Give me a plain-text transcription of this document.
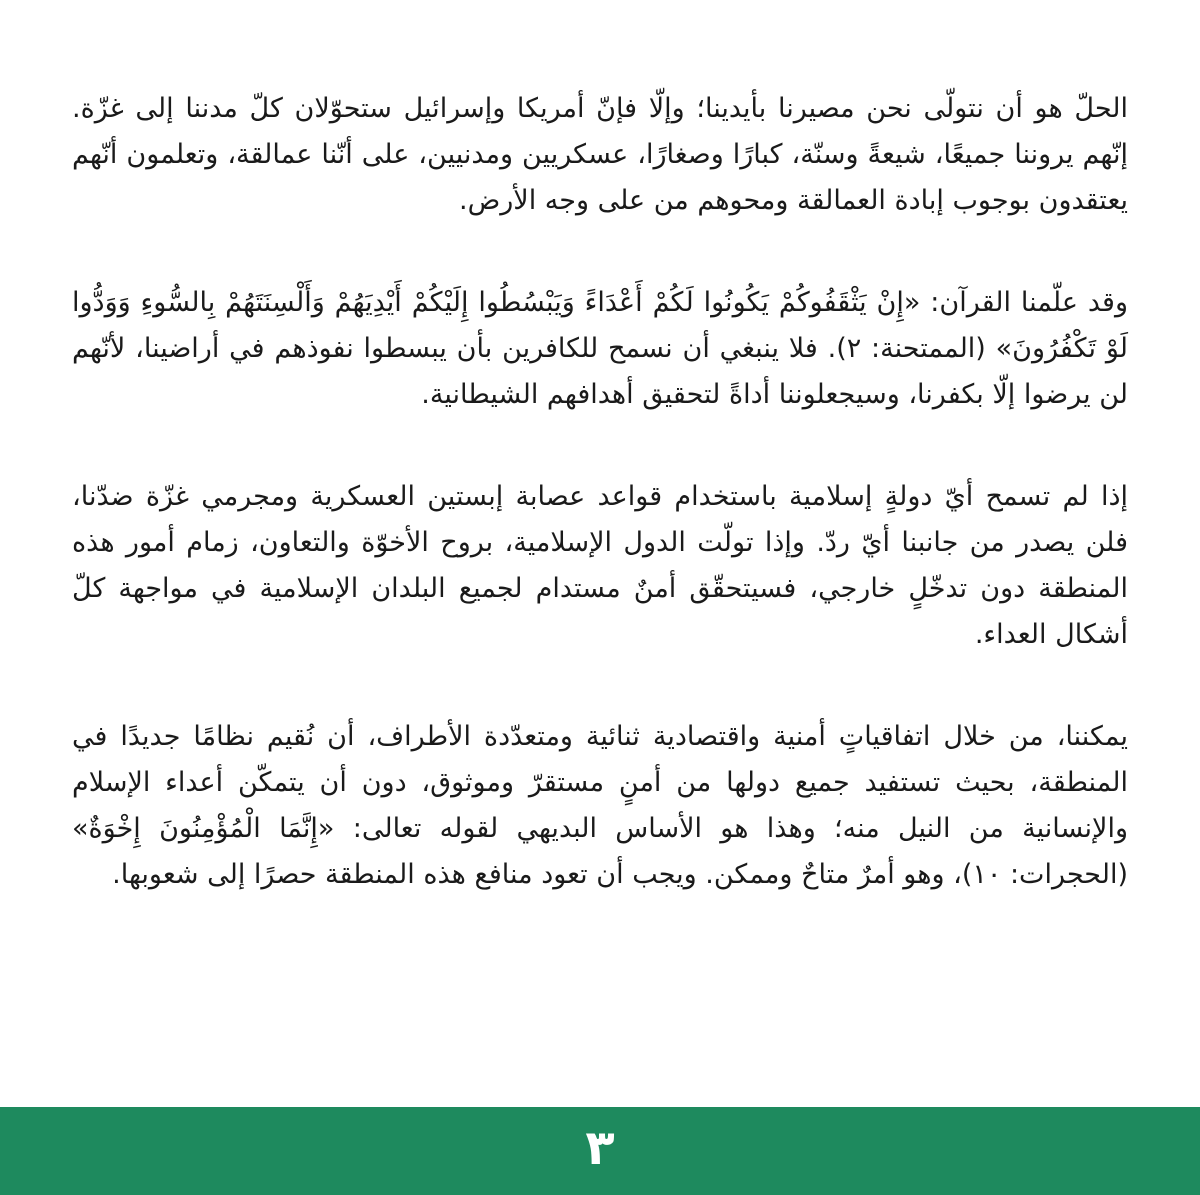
الحلّ هو أن نتولّى نحن مصيرنا بأيدينا؛ وإلّا فإنّ أمريكا وإسرائيل ستحوّلان كلّ مدننا إلى غزّة. إنّهم يروننا جميعًا، شيعةً وسنّة، كبارًا وصغارًا، عسكريين ومدنيين، على أنّنا عمالقة، وتعلمون أنّهم يعتقدون بوجوب إبادة العمالقة ومحوهم من على وجه الأرض.

وقد علّمنا القرآن: «إِنْ يَثْقَفُوكُمْ يَكُونُوا لَكُمْ أَعْدَاءً وَيَبْسُطُوا إِلَيْكُمْ أَيْدِيَهُمْ وَأَلْسِنَتَهُمْ بِالسُّوءِ وَوَدُّوا لَوْ تَكْفُرُونَ» (الممتحنة: ٢). فلا ينبغي أن نسمح للكافرين بأن يبسطوا نفوذهم في أراضينا، لأنّهم لن يرضوا إلّا بكفرنا، وسيجعلوننا أداةً لتحقيق أهدافهم الشيطانية.

إذا لم تسمح أيّ دولةٍ إسلامية باستخدام قواعد عصابة إبستين العسكرية ومجرمي غزّة ضدّنا، فلن يصدر من جانبنا أيّ ردّ. وإذا تولّت الدول الإسلامية، بروح الأخوّة والتعاون، زمام أمور هذه المنطقة دون تدخّلٍ خارجي، فسيتحقّق أمنٌ مستدام لجميع البلدان الإسلامية في مواجهة كلّ أشكال العداء.

يمكننا، من خلال اتفاقياتٍ أمنية واقتصادية ثنائية ومتعدّدة الأطراف، أن نُقيم نظامًا جديدًا في المنطقة، بحيث تستفيد جميع دولها من أمنٍ مستقرّ وموثوق، دون أن يتمكّن أعداء الإسلام والإنسانية من النيل منه؛ وهذا هو الأساس البديهي لقوله تعالى: «إِنَّمَا الْمُؤْمِنُونَ إِخْوَةٌ» (الحجرات: ١٠)، وهو أمرٌ متاحٌ وممكن. ويجب أن تعود منافع هذه المنطقة حصرًا إلى شعوبها.

٣
